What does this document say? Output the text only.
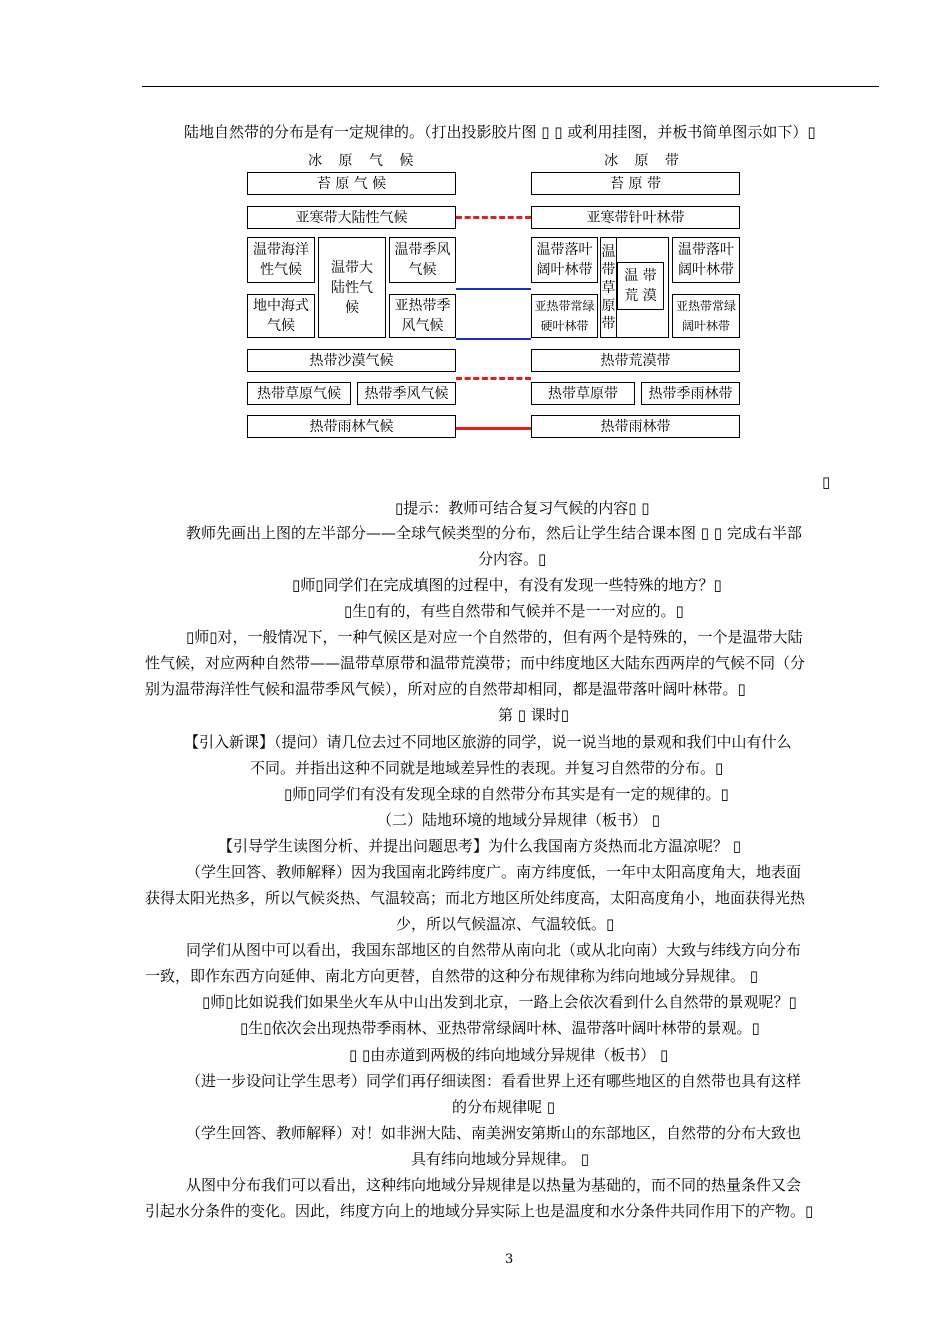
陆地自然带的分布是有一定规律的。（打出投影胶片图 ▯ ▯ 或利用挂图，并板书简单图示如下）▯
冰 原 气 候	冰 原 带
苔 原 气 候
亚寒带大陆性气候
温带海洋性气候	温带大陆性气候
温带季风气候
地中海式气候
亚热带季风气候
热带沙漠气候
热带草原气候	热带季风气候
热带雨林气候
苔 原 带
亚寒带针叶林带
温带落叶阔叶林带
温带草原带
温 带 荒 漠
温带落叶阔叶林带
亚热带常绿硬叶林带
亚热带常绿阔叶林带
热带荒漠带
热带草原带	热带季雨林带
热带雨林带
▯
▯提示：教师可结合复习气候的内容▯ ▯
教师先画出上图的左半部分——全球气候类型的分布，然后让学生结合课本图 ▯ ▯ 完成右半部
分内容。▯
▯师▯同学们在完成填图的过程中，有没有发现一些特殊的地方？▯
▯生▯有的，有些自然带和气候并不是一一对应的。▯
▯师▯对，一般情况下，一种气候区是对应一个自然带的，但有两个是特殊的，一个是温带大陆
性气候，对应两种自然带——温带草原带和温带荒漠带；而中纬度地区大陆东西两岸的气候不同（分
别为温带海洋性气候和温带季风气候），所对应的自然带却相同，都是温带落叶阔叶林带。▯
第 ▯ 课时▯
【引入新课】（提问）请几位去过不同地区旅游的同学，说一说当地的景观和我们中山有什么
不同。并指出这种不同就是地域差异性的表现。并复习自然带的分布。▯
▯师▯同学们有没有发现全球的自然带分布其实是有一定的规律的。▯
（二）陆地环境的地域分异规律（板书） ▯
【引导学生读图分析、并提出问题思考】为什么我国南方炎热而北方温凉呢？ ▯
（学生回答、教师解释）因为我国南北跨纬度广。南方纬度低，一年中太阳高度角大，地表面
获得太阳光热多，所以气候炎热、气温较高；而北方地区所处纬度高，太阳高度角小，地面获得光热
少，所以气候温凉、气温较低。▯
同学们从图中可以看出，我国东部地区的自然带从南向北（或从北向南）大致与纬线方向分布
一致，即作东西方向延伸、南北方向更替，自然带的这种分布规律称为纬向地域分异规律。 ▯
▯师▯比如说我们如果坐火车从中山出发到北京，一路上会依次看到什么自然带的景观呢？▯
▯生▯依次会出现热带季雨林、亚热带常绿阔叶林、温带落叶阔叶林带的景观。▯
▯ ▯由赤道到两极的纬向地域分异规律（板书） ▯
（进一步设问让学生思考）同学们再仔细读图：看看世界上还有哪些地区的自然带也具有这样
的分布规律呢 ▯
（学生回答、教师解释）对！如非洲大陆、南美洲安第斯山的东部地区，自然带的分布大致也
具有纬向地域分异规律。 ▯
从图中分布我们可以看出，这种纬向地域分异规律是以热量为基础的，而不同的热量条件又会
引起水分条件的变化。因此，纬度方向上的地域分异实际上也是温度和水分条件共同作用下的产物。▯
3
